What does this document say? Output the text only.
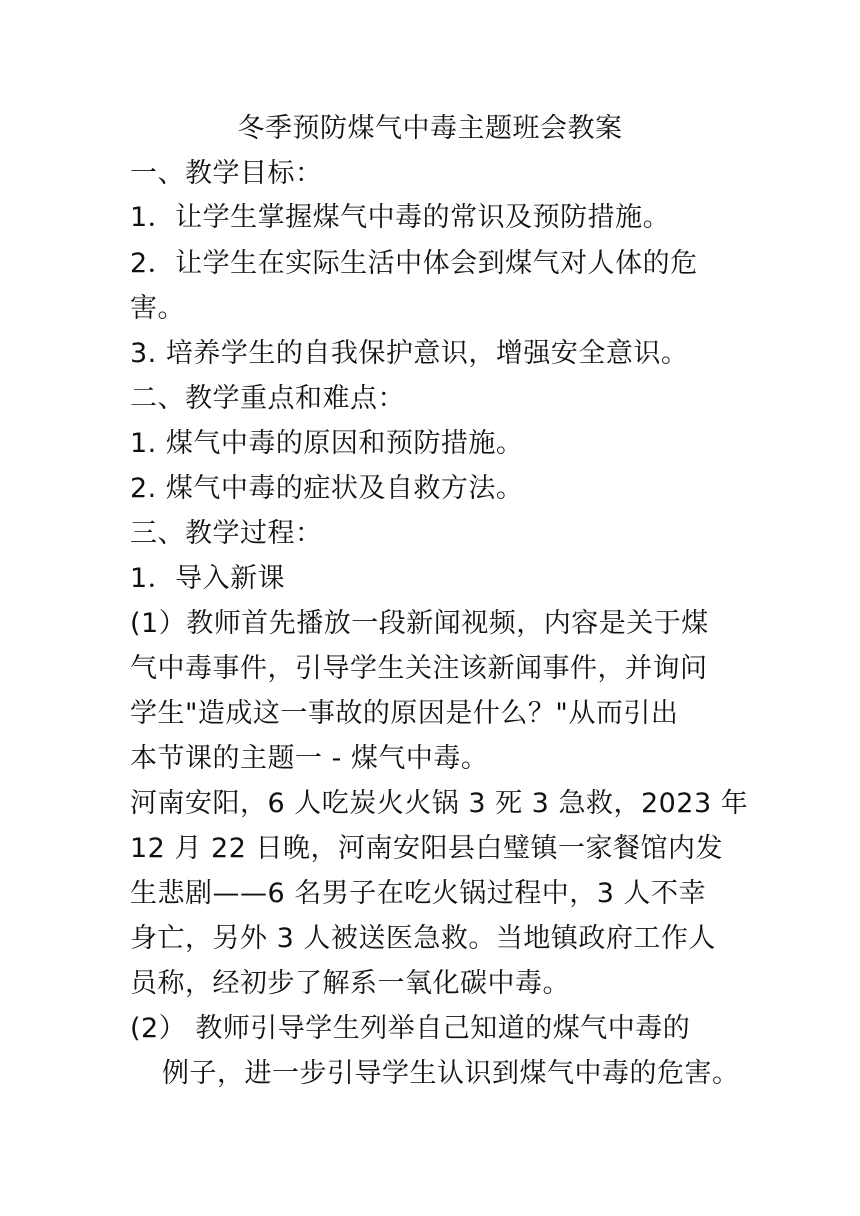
冬季预防煤气中毒主题班会教案
一、教学目标：
1．让学生掌握煤气中毒的常识及预防措施。
2．让学生在实际生活中体会到煤气对人体的危
害。
3. 培养学生的自我保护意识，增强安全意识。
二、教学重点和难点：
1. 煤气中毒的原因和预防措施。
2. 煤气中毒的症状及自救方法。
三、教学过程：
1．导入新课
(1）教师首先播放一段新闻视频，内容是关于煤
气中毒事件，引导学生关注该新闻事件，并询问
学生"造成这一事故的原因是什么？"从而引出
本节课的主题一 - 煤气中毒。
河南安阳，6 人吃炭火火锅 3 死 3 急救，2023 年
12 月 22 日晚，河南安阳县白璧镇一家餐馆内发
生悲剧——6 名男子在吃火锅过程中，3 人不幸
身亡，另外 3 人被送医急救。当地镇政府工作人
员称，经初步了解系一氧化碳中毒。
(2） 教师引导学生列举自己知道的煤气中毒的
例子，进一步引导学生认识到煤气中毒的危害。
